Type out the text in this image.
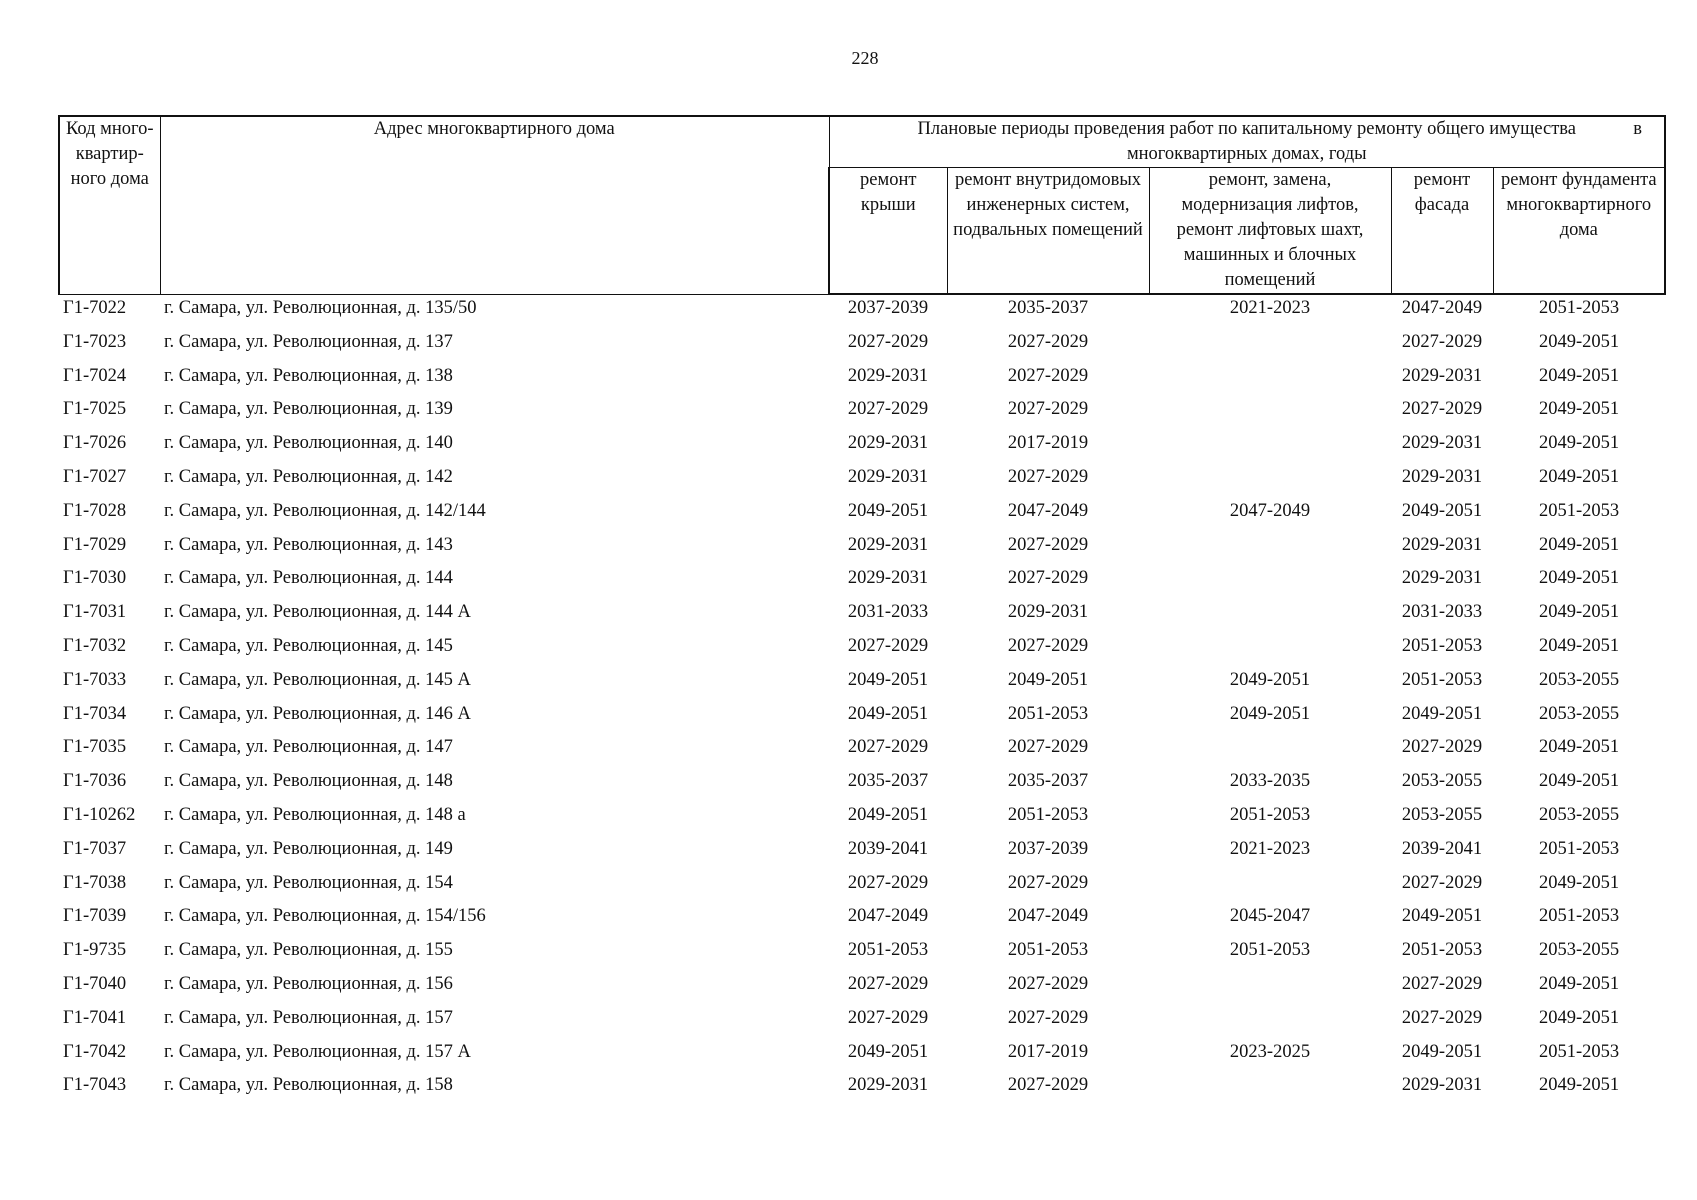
228
Код много-квартир-ного дома	Адрес многоквартирного дома	Плановые периоды проведения работ по капитальному ремонту общего имущества в
многоквартирных домах, годы				

		ремонт крыши	ремонт внутридомовых инженерных систем, подвальных помещений	ремонт, замена, модернизация лифтов, ремонт лифтовых шахт, машинных и блочных помещений	ремонт фасада	ремонт фундамента многоквартирного дома
Г1-7022	г. Самара, ул. Революционная, д. 135/50	2037-2039	2035-2037	2021-2023	2047-2049	2051-2053
Г1-7023	г. Самара, ул. Революционная, д. 137	2027-2029	2027-2029		2027-2029	2049-2051
Г1-7024	г. Самара, ул. Революционная, д. 138	2029-2031	2027-2029		2029-2031	2049-2051
Г1-7025	г. Самара, ул. Революционная, д. 139	2027-2029	2027-2029		2027-2029	2049-2051
Г1-7026	г. Самара, ул. Революционная, д. 140	2029-2031	2017-2019		2029-2031	2049-2051
Г1-7027	г. Самара, ул. Революционная, д. 142	2029-2031	2027-2029		2029-2031	2049-2051
Г1-7028	г. Самара, ул. Революционная, д. 142/144	2049-2051	2047-2049	2047-2049	2049-2051	2051-2053
Г1-7029	г. Самара, ул. Революционная, д. 143	2029-2031	2027-2029		2029-2031	2049-2051
Г1-7030	г. Самара, ул. Революционная, д. 144	2029-2031	2027-2029		2029-2031	2049-2051
Г1-7031	г. Самара, ул. Революционная, д. 144 А	2031-2033	2029-2031		2031-2033	2049-2051
Г1-7032	г. Самара, ул. Революционная, д. 145	2027-2029	2027-2029		2051-2053	2049-2051
Г1-7033	г. Самара, ул. Революционная, д. 145 А	2049-2051	2049-2051	2049-2051	2051-2053	2053-2055
Г1-7034	г. Самара, ул. Революционная, д. 146 А	2049-2051	2051-2053	2049-2051	2049-2051	2053-2055
Г1-7035	г. Самара, ул. Революционная, д. 147	2027-2029	2027-2029		2027-2029	2049-2051
Г1-7036	г. Самара, ул. Революционная, д. 148	2035-2037	2035-2037	2033-2035	2053-2055	2049-2051
Г1-10262	г. Самара, ул. Революционная, д. 148 а	2049-2051	2051-2053	2051-2053	2053-2055	2053-2055
Г1-7037	г. Самара, ул. Революционная, д. 149	2039-2041	2037-2039	2021-2023	2039-2041	2051-2053
Г1-7038	г. Самара, ул. Революционная, д. 154	2027-2029	2027-2029		2027-2029	2049-2051
Г1-7039	г. Самара, ул. Революционная, д. 154/156	2047-2049	2047-2049	2045-2047	2049-2051	2051-2053
Г1-9735	г. Самара, ул. Революционная, д. 155	2051-2053	2051-2053	2051-2053	2051-2053	2053-2055
Г1-7040	г. Самара, ул. Революционная, д. 156	2027-2029	2027-2029		2027-2029	2049-2051
Г1-7041	г. Самара, ул. Революционная, д. 157	2027-2029	2027-2029		2027-2029	2049-2051
Г1-7042	г. Самара, ул. Революционная, д. 157 А	2049-2051	2017-2019	2023-2025	2049-2051	2051-2053
Г1-7043	г. Самара, ул. Революционная, д. 158	2029-2031	2027-2029		2029-2031	2049-2051
